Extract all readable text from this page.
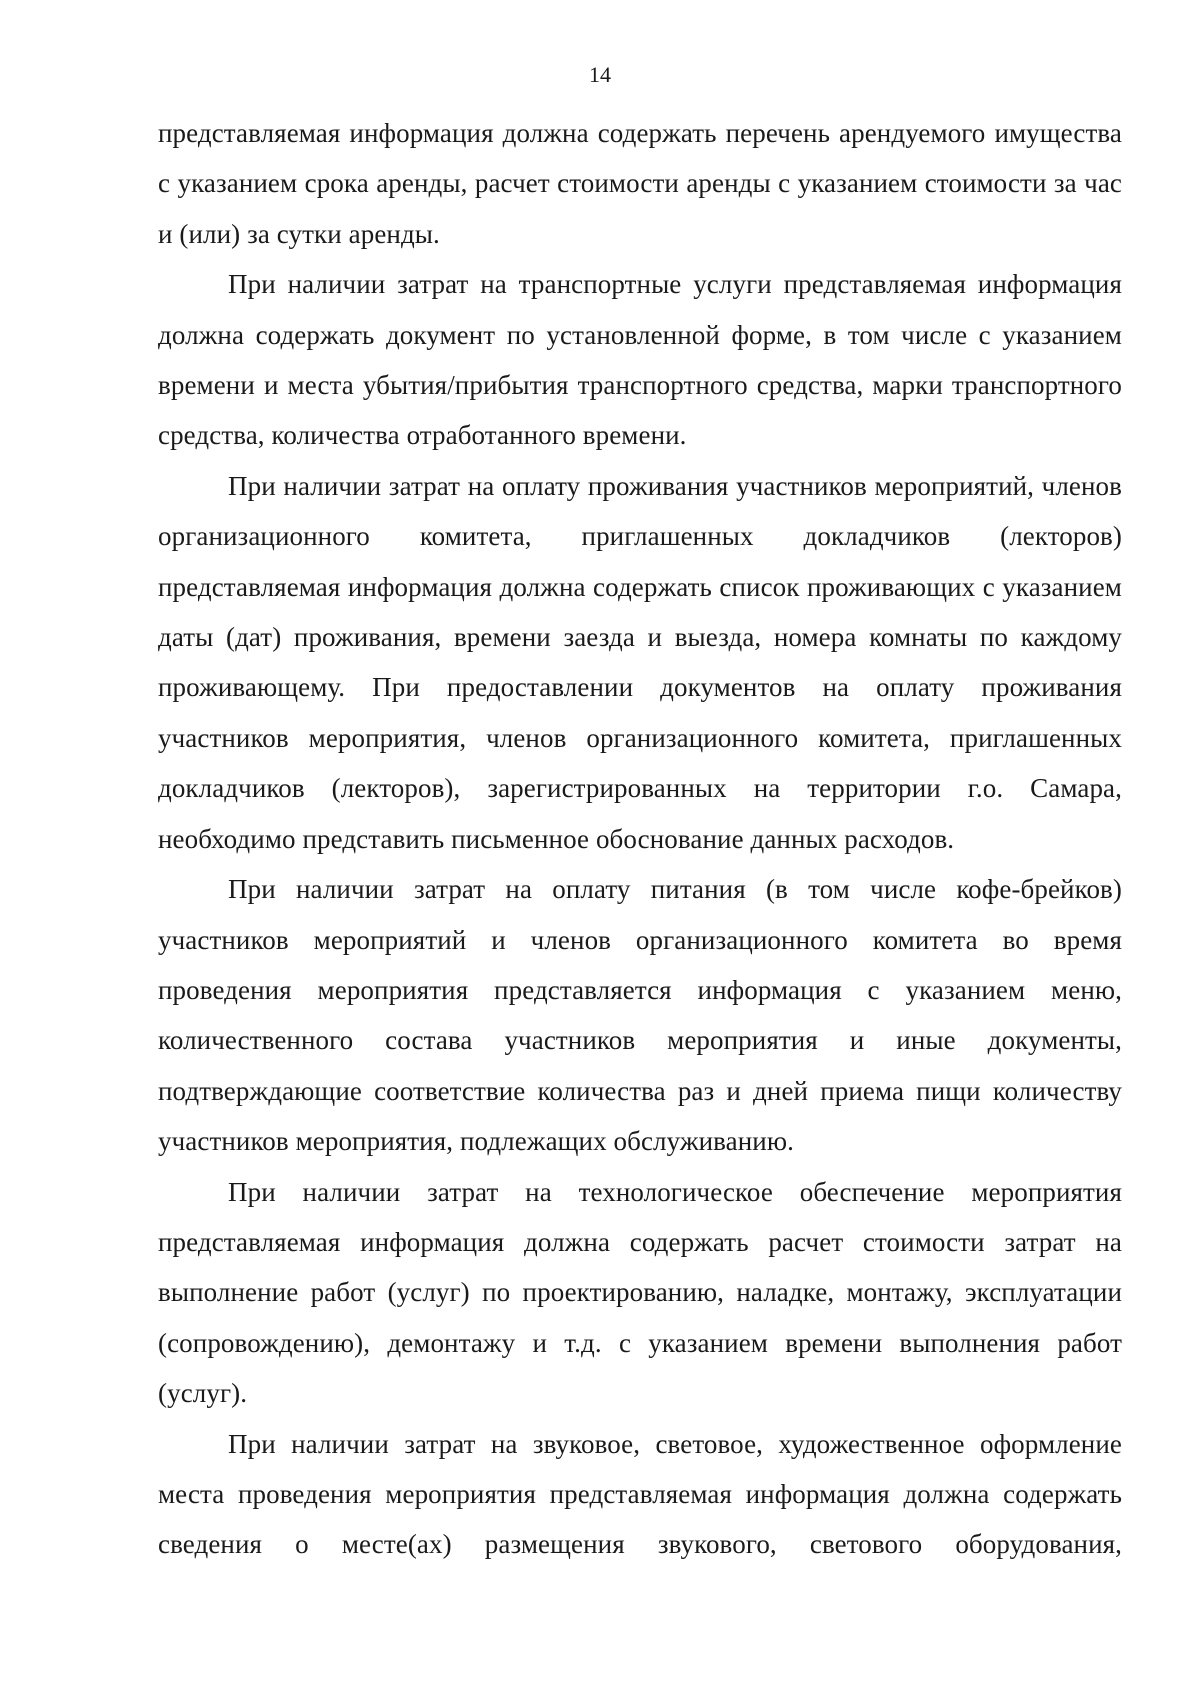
14

представляемая информация должна содержать перечень арендуемого имущества с указанием срока аренды, расчет стоимости аренды с указанием стоимости за час и (или) за сутки аренды.

При наличии затрат на транспортные услуги представляемая информация должна содержать документ по установленной форме, в том числе с указанием времени и места убытия/прибытия транспортного средства, марки транспортного средства, количества отработанного времени.

При наличии затрат на оплату проживания участников мероприятий, членов организационного комитета, приглашенных докладчиков (лекторов) представляемая информация должна содержать список проживающих с указанием даты (дат) проживания, времени заезда и выезда, номера комнаты по каждому проживающему. При предоставлении документов на оплату проживания участников мероприятия, членов организационного комитета, приглашенных докладчиков (лекторов), зарегистрированных на территории г.о. Самара, необходимо представить письменное обоснование данных расходов.

При наличии затрат на оплату питания (в том числе кофе-брейков) участников мероприятий и членов организационного комитета во время проведения мероприятия представляется информация с указанием меню, количественного состава участников мероприятия и иные документы, подтверждающие соответствие количества раз и дней приема пищи количеству участников мероприятия, подлежащих обслуживанию.

При наличии затрат на технологическое обеспечение мероприятия представляемая информация должна содержать расчет стоимости затрат на выполнение работ (услуг) по проектированию, наладке, монтажу, эксплуатации (сопровождению), демонтажу и т.д. с указанием времени выполнения работ (услуг).

При наличии затрат на звуковое, световое, художественное оформление места проведения мероприятия представляемая информация должна содержать сведения о месте(ах) размещения звукового, светового оборудования,
